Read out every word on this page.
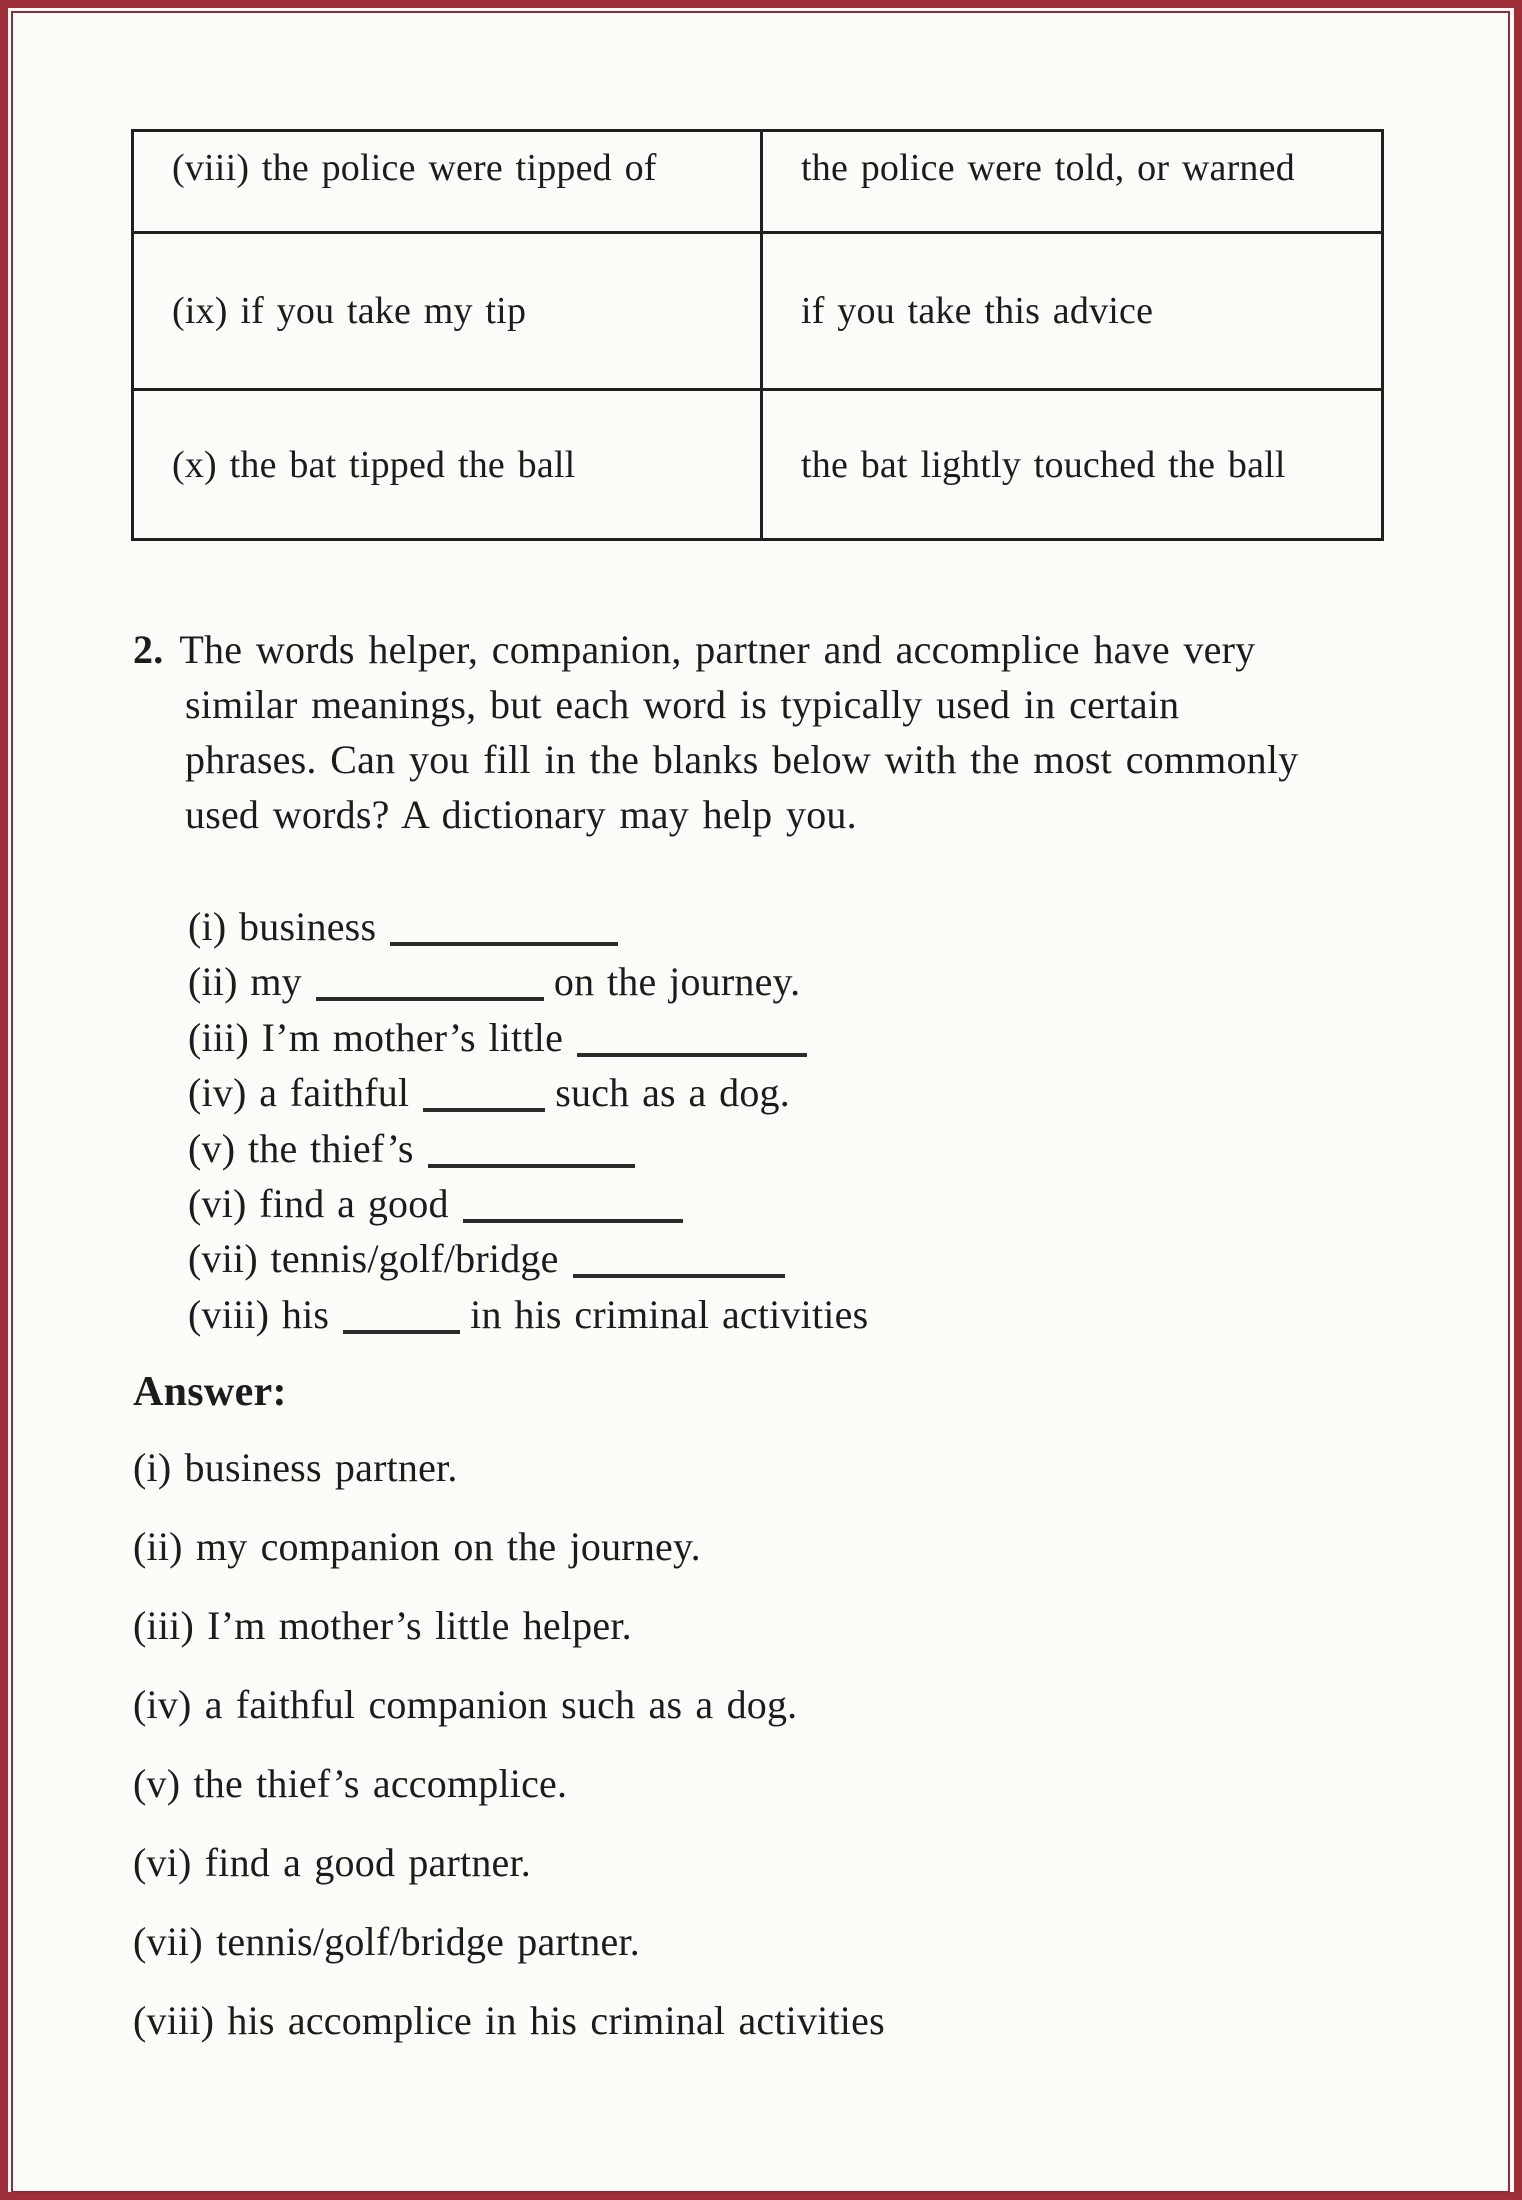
(viii) the police were tipped of	the police were told, or warned
(ix) if you take my tip	if you take this advice
(x) the bat tipped the ball	the bat lightly touched the ball
2. The words helper, companion, partner and accomplice have very
similar meanings, but each word is typically used in certain
phrases. Can you fill in the blanks below with the most commonly
used words? A dictionary may help you.
(i) business
(ii) my	on the journey.
(iii) I’m mother’s little
(iv) a faithful	such as a dog.
(v) the thief’s
(vi) find a good
(vii) tennis/golf/bridge
(viii) his	in his criminal activities
Answer:
(i) business partner.
(ii) my companion on the journey.
(iii) I’m mother’s little helper.
(iv) a faithful companion such as a dog.
(v) the thief’s accomplice.
(vi) find a good partner.
(vii) tennis/golf/bridge partner.
(viii) his accomplice in his criminal activities
